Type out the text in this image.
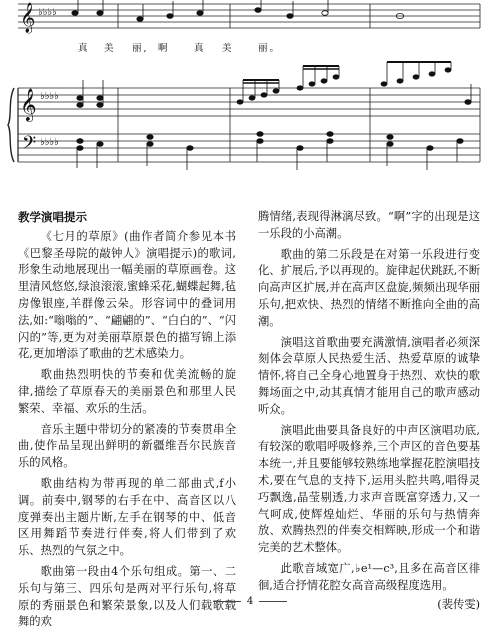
𝄞
𝄞
𝄢
♭♭♭♭
♭♭♭♭
♭♭♭♭
真 美 丽, 啊	真 美	丽。
教学演唱提示

《七月的草原》(曲作者简介参见本书《巴黎圣母院的敲钟人》演唱提示)的歌词,形象生动地展现出一幅美丽的草原画卷。这里清风悠悠,绿浪滚滚,蜜蜂采花,蝴蝶起舞,毡房像银座,羊群像云朵。形容词中的叠词用法,如:“嗡嗡的”、“翩翩的”、“白白的”、“闪闪的”等,更为对美丽草原景色的描写锦上添花,更加增添了歌曲的艺术感染力。

歌曲热烈明快的节奏和优美流畅的旋律,描绘了草原春天的美丽景色和那里人民繁荣、幸福、欢乐的生活。

音乐主题中带切分的紧凑的节奏贯串全曲,使作品呈现出鲜明的新疆维吾尔民族音乐的风格。

歌曲结构为带再现的单二部曲式,f小调。前奏中,钢琴的右手在中、高音区以八度弹奏出主题片断,左手在钢琴的中、低音区用舞蹈节奏进行伴奏,将人们带到了欢乐、热烈的气氛之中。

歌曲第一段由4个乐句组成。第一、二乐句与第三、四乐句是两对平行乐句,将草原的秀丽景色和繁荣景象,以及人们载歌载舞的欢

腾情绪,表现得淋漓尽致。“啊”字的出现是这一乐段的小高潮。

歌曲的第二乐段是在对第一乐段进行变化、扩展后,予以再现的。旋律起伏跳跃,不断向高声区扩展,并在高声区盘旋,频频出现华丽乐句,把欢快、热烈的情绪不断推向全曲的高潮。

演唱这首歌曲要充满激情,演唱者必须深刻体会草原人民热爱生活、热爱草原的诚挚情怀,将自己全身心地置身于热烈、欢快的歌舞场面之中,动其真情才能用自己的歌声感动听众。

演唱此曲要具备良好的中声区演唱功底,有较深的歌唱呼吸修养,三个声区的音色要基本统一,并且要能够较熟练地掌握花腔演唱技术,要在气息的支持下,运用头腔共鸣,唱得灵巧飘逸,晶莹剔透,力求声音既富穿透力,又一气呵成,使辉煌灿烂、华丽的乐句与热情奔放、欢腾热烈的伴奏交相辉映,形成一个和谐完美的艺术整体。

此歌音域宽广,♭e¹—c³,且多在高音区徘徊,适合抒情花腔女高音高级程度选用。

(裴传雯)

4
